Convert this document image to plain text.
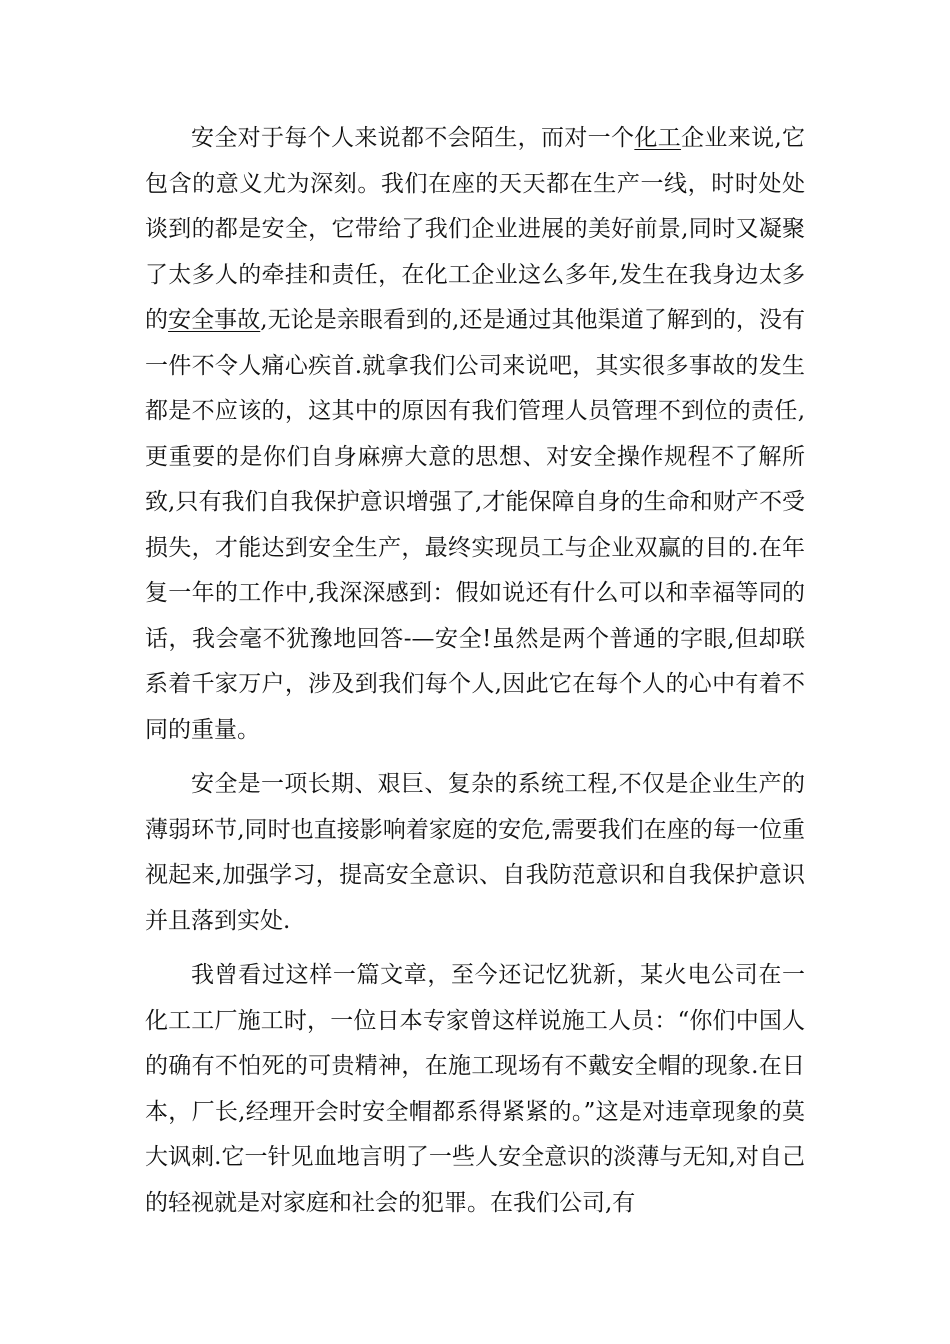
安全对于每个人来说都不会陌生，而对一个化工企业来说,它包含的意义尤为深刻。我们在座的天天都在生产一线，时时处处谈到的都是安全，它带给了我们企业进展的美好前景,同时又凝聚了太多人的牵挂和责任，在化工企业这么多年,发生在我身边太多的安全事故,无论是亲眼看到的,还是通过其他渠道了解到的，没有一件不令人痛心疾首.就拿我们公司来说吧，其实很多事故的发生都是不应该的，这其中的原因有我们管理人员管理不到位的责任,更重要的是你们自身麻痹大意的思想、对安全操作规程不了解所致,只有我们自我保护意识增强了,才能保障自身的生命和财产不受损失，才能达到安全生产，最终实现员工与企业双赢的目的.在年复一年的工作中,我深深感到：假如说还有什么可以和幸福等同的话，我会毫不犹豫地回答-—安全!虽然是两个普通的字眼,但却联系着千家万户，涉及到我们每个人,因此它在每个人的心中有着不同的重量。

安全是一项长期、艰巨、复杂的系统工程,不仅是企业生产的薄弱环节,同时也直接影响着家庭的安危,需要我们在座的每一位重视起来,加强学习，提高安全意识、自我防范意识和自我保护意识并且落到实处.

我曾看过这样一篇文章，至今还记忆犹新，某火电公司在一化工工厂施工时，一位日本专家曾这样说施工人员：“你们中国人的确有不怕死的可贵精神，在施工现场有不戴安全帽的现象.在日本，厂长,经理开会时安全帽都系得紧紧的。”这是对违章现象的莫大讽刺.它一针见血地言明了一些人安全意识的淡薄与无知,对自己的轻视就是对家庭和社会的犯罪。在我们公司,有
